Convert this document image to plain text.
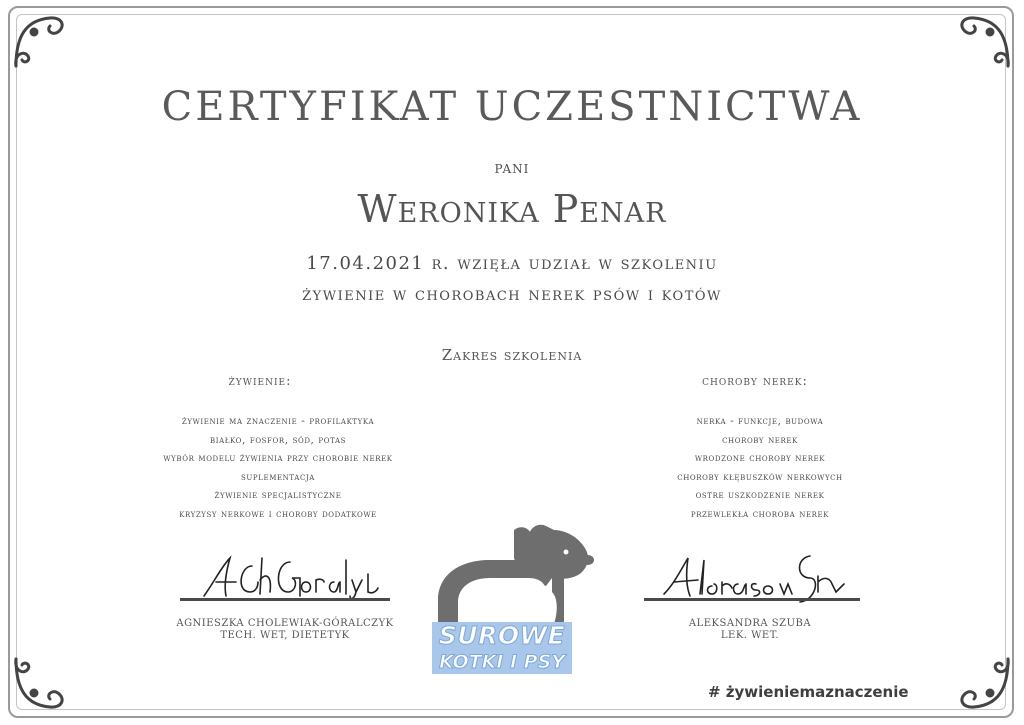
CERTYFIKAT UCZESTNICTWA
pani
Weronika Penar
17.04.2021 r. wzięła udział w szkoleniu
żywienie w chorobach nerek psów i kotów
Zakres szkolenia
żywienie:	choroby nerek:
żywienie ma znaczenie - profilaktyka
białko, fosfor, sód, potas
wybór modelu żywienia przy chorobie nerek
suplementacja
żywienie specjalistyczne
kryzysy nerkowe i choroby dodatkowe
nerka - funkcje, budowa
choroby nerek
wrodzone choroby nerek
choroby kłębuszków nerkowych
ostre uszkodzenie nerek
przewlekła choroba nerek
AGNIESZKA CHOLEWIAK-GÓRALCZYK
TECH. WET, DIETETYK
ALEKSANDRA SZUBA
LEK. WET.
SUROWE
KOTKI I PSY
# żywieniemaznaczenie
